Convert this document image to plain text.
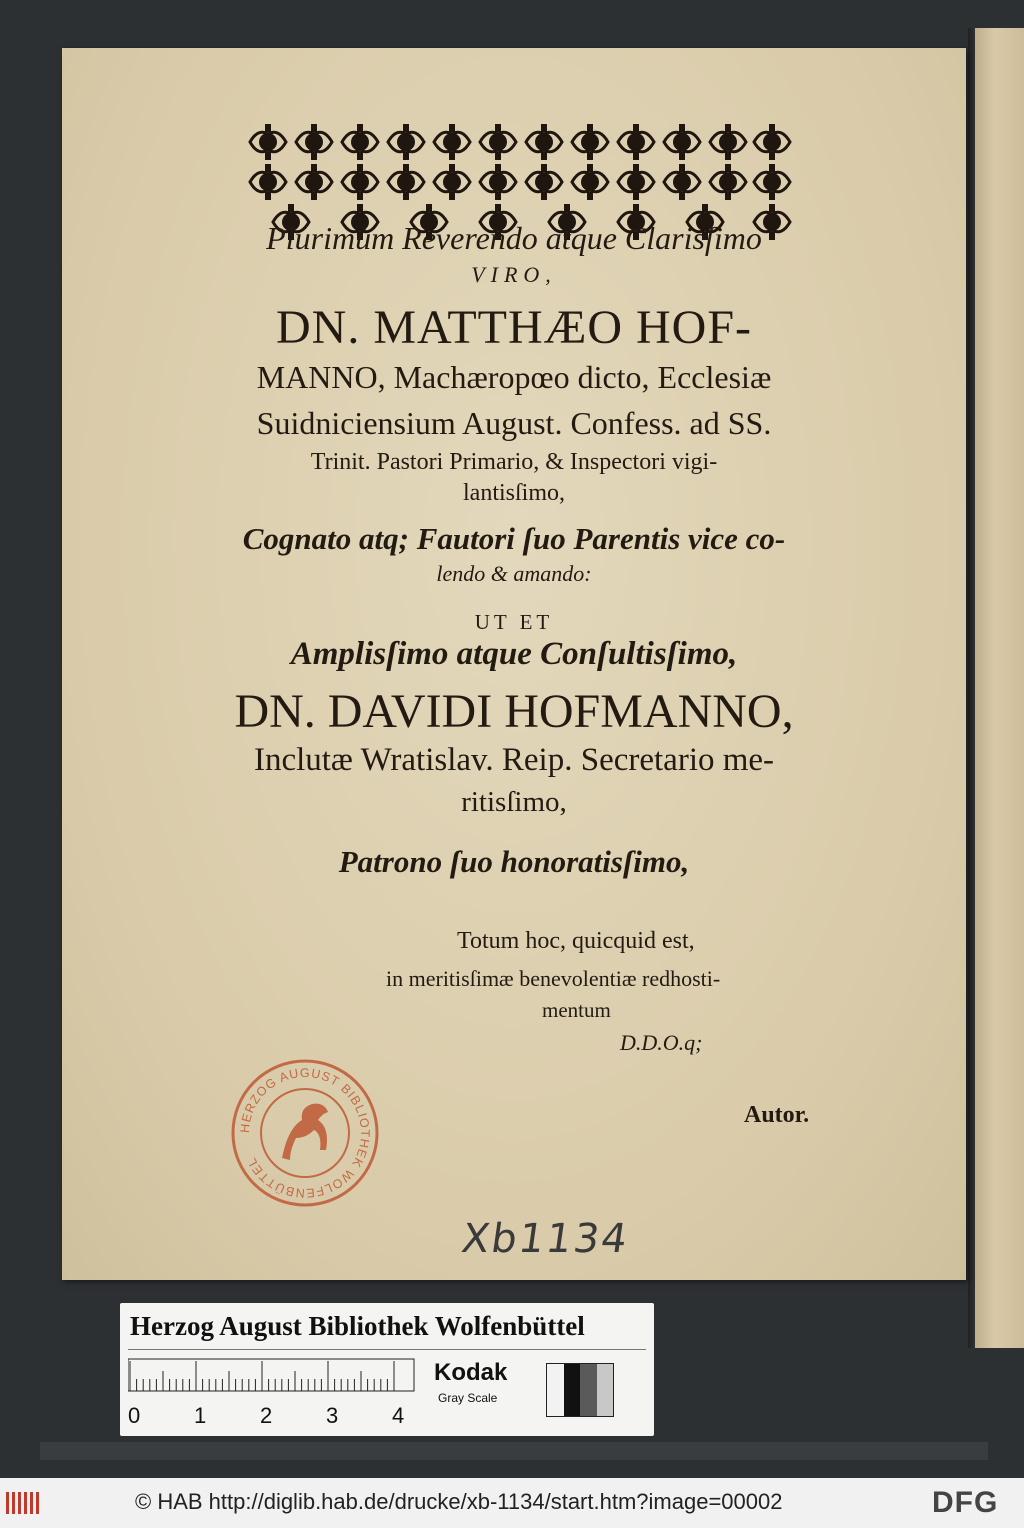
Plurimùm Reverendo atque Clarisſimo
VIRO,
DN. MATTHÆO HOF-
MANNO, Machæropœo dicto, Ecclesiæ
Suidniciensium August. Confess. ad SS.
Trinit. Pastori Primario, & Inspectori vigi-
lantisſimo,
Cognato atq; Fautori ſuo Parentis vice co-
lendo & amando:
UT ET
Amplisſimo atque Conſultisſimo,
DN. DAVIDI HOFMANNO,
Inclutæ Wratislav. Reip. Secretario me-
ritisſimo,
Patrono ſuo honoratisſimo,
Totum hoc, quicquid est,
in meritisſimæ benevolentiæ redhosti-
mentum
D.D.O.q;
Autor.
HERZOG AUGUST BIBLIOTHEK WOLFENBÜTTEL
Xb1134
Herzog August Bibliothek Wolfenbüttel
0 1 2 3 4
Kodak
Gray Scale
© HAB http://diglib.hab.de/drucke/xb-1134/start.htm?image=00002	DFG
